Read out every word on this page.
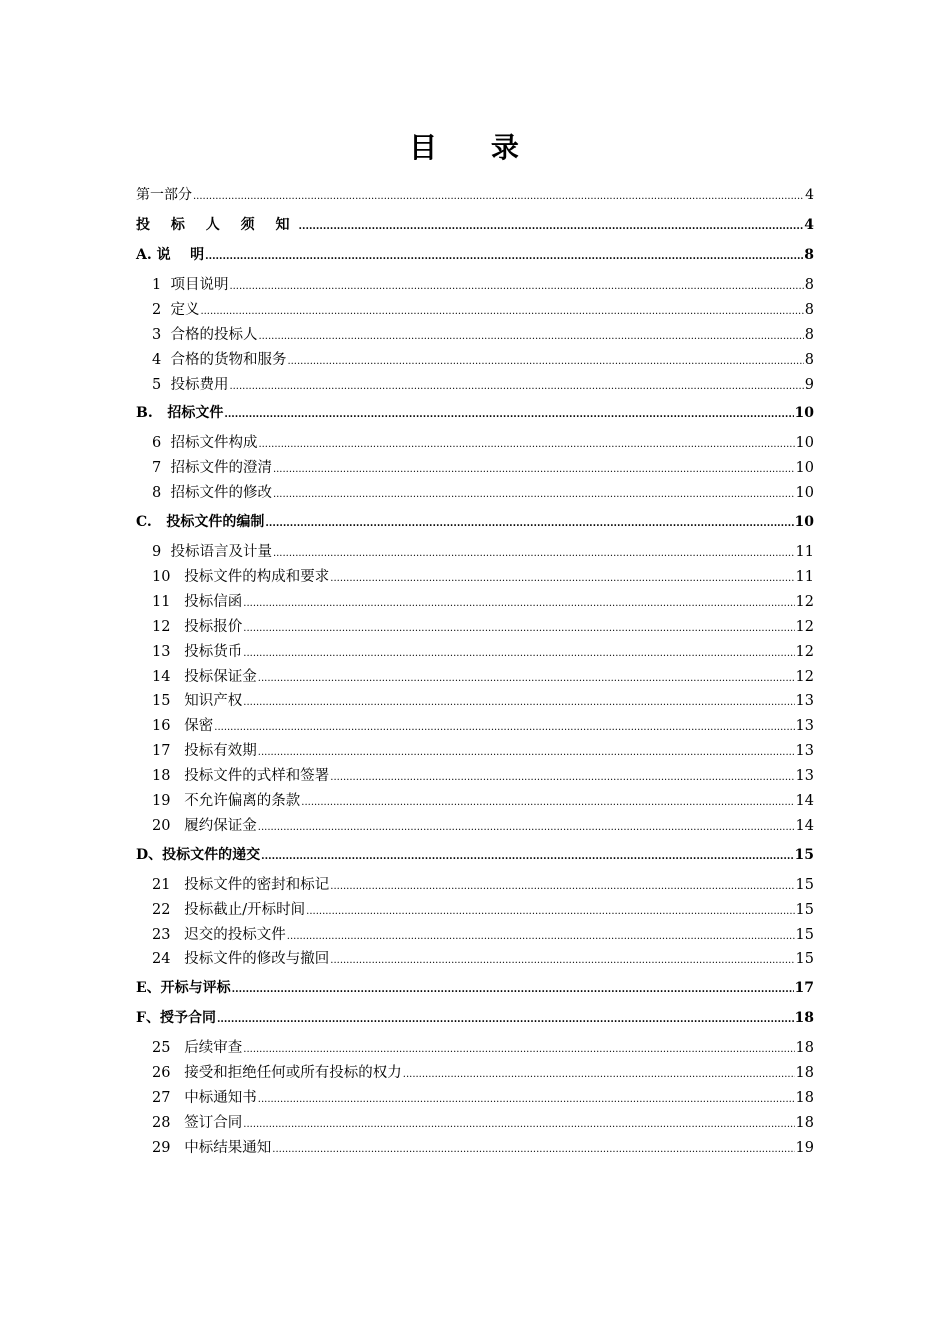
目 录
第一部分 .....	4
投 标 人 须 知 .....	4
A. 说    明 .....	8
1  项目说明 .....	8
2  定义 .....	8
3  合格的投标人 .....	8
4  合格的货物和服务 .....	8
5  投标费用 .....	9
B.   招标文件 .....	10
6  招标文件构成 .....	10
7  招标文件的澄清 .....	10
8  招标文件的修改 .....	10
C.   投标文件的编制 .....	10
9  投标语言及计量 .....	11
10   投标文件的构成和要求 .....	11
11   投标信函 .....	12
12   投标报价 .....	12
13   投标货币 .....	12
14   投标保证金 .....	12
15   知识产权 .....	13
16   保密 .....	13
17   投标有效期 .....	13
18   投标文件的式样和签署 .....	13
19   不允许偏离的条款 .....	14
20   履约保证金 .....	14
D、投标文件的递交 .....	15
21   投标文件的密封和标记 .....	15
22   投标截止/开标时间 .....	15
23   迟交的投标文件 .....	15
24   投标文件的修改与撤回 .....	15
E、开标与评标 .....	17
F、授予合同 .....	18
25   后续审查 .....	18
26   接受和拒绝任何或所有投标的权力 .....	18
27   中标通知书 .....	18
28   签订合同 .....	18
29   中标结果通知 .....	19
